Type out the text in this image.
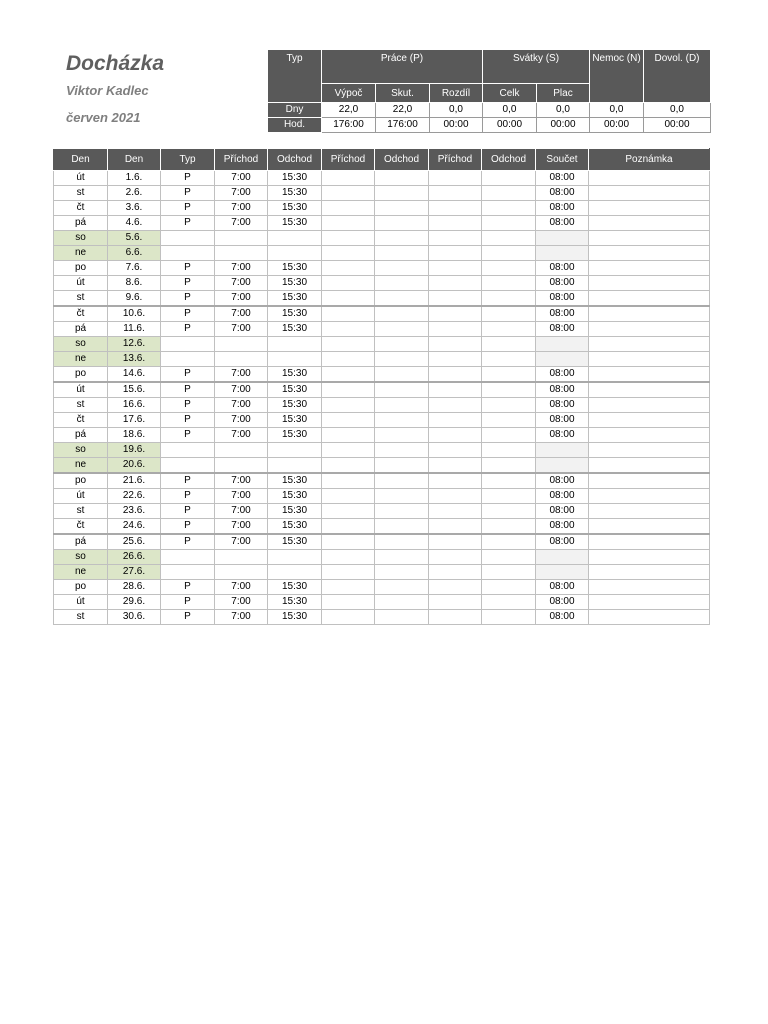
Docházka
Viktor Kadlec
červen 2021
Typ	Práce (P)			Svátky (S)		Nemoc (N)	Dovol. (D)
	Výpoč	Skut.	Rozdíl	Celk	Plac		
Dny	22,0	22,0	0,0	0,0	0,0	0,0	0,0
Hod.	176:00	176:00	00:00	00:00	00:00	00:00	00:00
Den	Den	Typ	Příchod	Odchod	Příchod	Odchod	Příchod	Odchod	Součet	Poznámka
út	1.6.	P	7:00	15:30					08:00	
st	2.6.	P	7:00	15:30					08:00	
čt	3.6.	P	7:00	15:30					08:00	
pá	4.6.	P	7:00	15:30					08:00	
so	5.6.									
ne	6.6.									
po	7.6.	P	7:00	15:30					08:00	
út	8.6.	P	7:00	15:30					08:00	
st	9.6.	P	7:00	15:30					08:00	
čt	10.6.	P	7:00	15:30					08:00	
pá	11.6.	P	7:00	15:30					08:00	
so	12.6.									
ne	13.6.									
po	14.6.	P	7:00	15:30					08:00	
út	15.6.	P	7:00	15:30					08:00	
st	16.6.	P	7:00	15:30					08:00	
čt	17.6.	P	7:00	15:30					08:00	
pá	18.6.	P	7:00	15:30					08:00	
so	19.6.									
ne	20.6.									
po	21.6.	P	7:00	15:30					08:00	
út	22.6.	P	7:00	15:30					08:00	
st	23.6.	P	7:00	15:30					08:00	
čt	24.6.	P	7:00	15:30					08:00	
pá	25.6.	P	7:00	15:30					08:00	
so	26.6.									
ne	27.6.									
po	28.6.	P	7:00	15:30					08:00	
út	29.6.	P	7:00	15:30					08:00	
st	30.6.	P	7:00	15:30					08:00	
